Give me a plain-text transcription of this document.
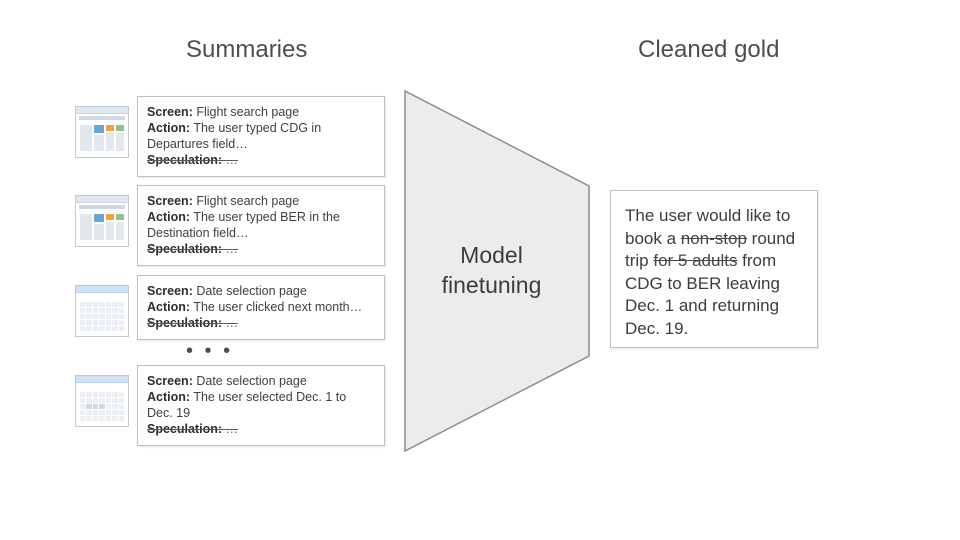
Summaries	Cleaned gold

Screen: Flight search page

Action: The user typed CDG in Departures field…

Speculation: …

Screen: Flight search page

Action: The user typed BER in the Destination field…

Speculation: …

Screen: Date selection page

Action: The user clicked next month…

Speculation: …

• • •

Screen: Date selection page

Action: The user selected Dec. 1 to Dec. 19

Speculation: …

Model
finetuning
The user would like to book a non-stop round trip for 5 adults from CDG to BER leaving Dec. 1 and returning Dec. 19.
